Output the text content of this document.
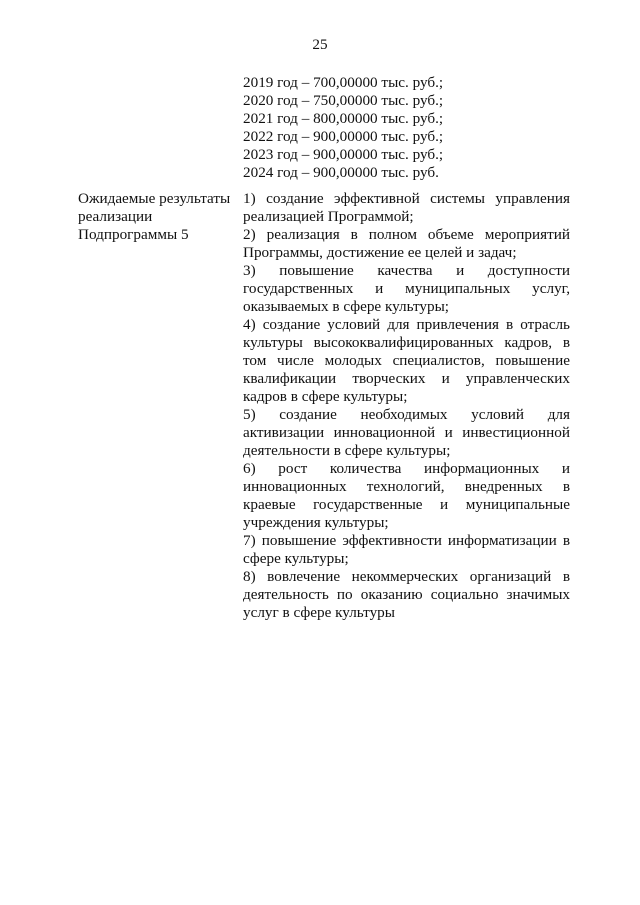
25
2019 год – 700,00000 тыс. руб.;
2020 год – 750,00000 тыс. руб.;
2021 год – 800,00000 тыс. руб.;
2022 год – 900,00000 тыс. руб.;
2023 год – 900,00000 тыс. руб.;
2024 год – 900,00000 тыс. руб.
Ожидаемые результаты
реализации
Подпрограммы 5
1) создание эффективной системы управления реализацией Программой;
2) реализация в полном объеме мероприятий Программы, достижение ее целей и задач;
3) повышение качества и доступности государственных и муниципальных услуг, оказываемых в сфере культуры;
4) создание условий для привлечения в отрасль культуры высококвалифицированных кадров, в том числе молодых специалистов, повышение квалификации творческих и управленческих кадров в сфере культуры;
5) создание необходимых условий для активизации инновационной и инвестиционной деятельности в сфере культуры;
6) рост количества информационных и инновационных технологий, внедренных в краевые государственные и муниципальные учреждения культуры;
7) повышение эффективности информатизации в сфере культуры;
8) вовлечение некоммерческих организаций в деятельность по оказанию социально значимых услуг в сфере культуры
